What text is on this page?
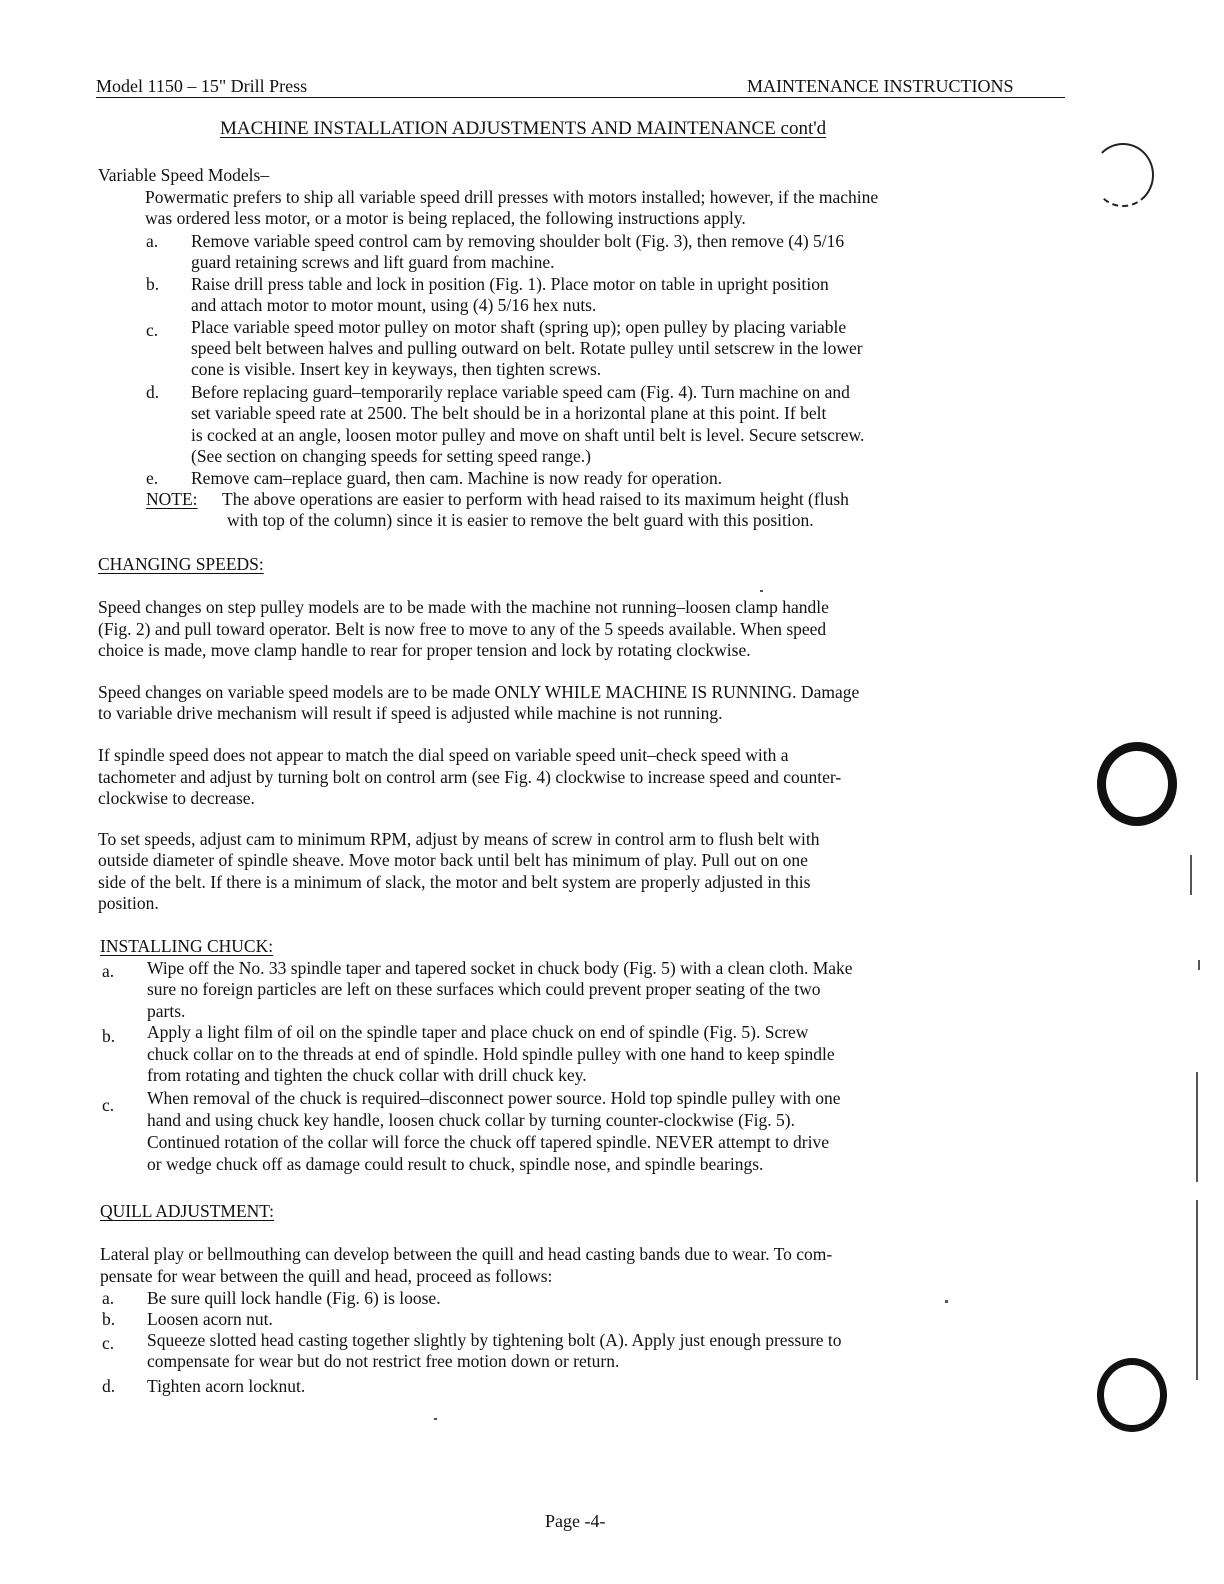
Model 1150 – 15" Drill Press	MAINTENANCE INSTRUCTIONS
MACHINE INSTALLATION ADJUSTMENTS AND MAINTENANCE cont'd
Variable Speed Models–
Powermatic prefers to ship all variable speed drill presses with motors installed; however, if the machine
was ordered less motor, or a motor is being replaced, the following instructions apply.
a. Remove variable speed control cam by removing shoulder bolt (Fig. 3), then remove (4) 5/16
guard retaining screws and lift guard from machine.
b. Raise drill press table and lock in position (Fig. 1). Place motor on table in upright position
and attach motor to motor mount, using (4) 5/16 hex nuts.
c. Place variable speed motor pulley on motor shaft (spring up); open pulley by placing variable
speed belt between halves and pulling outward on belt. Rotate pulley until setscrew in the lower
cone is visible. Insert key in keyways, then tighten screws.
d. Before replacing guard–temporarily replace variable speed cam (Fig. 4). Turn machine on and
set variable speed rate at 2500. The belt should be in a horizontal plane at this point. If belt
is cocked at an angle, loosen motor pulley and move on shaft until belt is level. Secure setscrew.
(See section on changing speeds for setting speed range.)
e. Remove cam–replace guard, then cam. Machine is now ready for operation.
NOTE: The above operations are easier to perform with head raised to its maximum height (flush
with top of the column) since it is easier to remove the belt guard with this position.
CHANGING SPEEDS:
Speed changes on step pulley models are to be made with the machine not running–loosen clamp handle
(Fig. 2) and pull toward operator. Belt is now free to move to any of the 5 speeds available. When speed
choice is made, move clamp handle to rear for proper tension and lock by rotating clockwise.
Speed changes on variable speed models are to be made ONLY WHILE MACHINE IS RUNNING. Damage
to variable drive mechanism will result if speed is adjusted while machine is not running.
If spindle speed does not appear to match the dial speed on variable speed unit–check speed with a
tachometer and adjust by turning bolt on control arm (see Fig. 4) clockwise to increase speed and counter-
clockwise to decrease.
To set speeds, adjust cam to minimum RPM, adjust by means of screw in control arm to flush belt with
outside diameter of spindle sheave. Move motor back until belt has minimum of play. Pull out on one
side of the belt. If there is a minimum of slack, the motor and belt system are properly adjusted in this
position.
INSTALLING CHUCK:
a. Wipe off the No. 33 spindle taper and tapered socket in chuck body (Fig. 5) with a clean cloth. Make
sure no foreign particles are left on these surfaces which could prevent proper seating of the two
parts.
b. Apply a light film of oil on the spindle taper and place chuck on end of spindle (Fig. 5). Screw
chuck collar on to the threads at end of spindle. Hold spindle pulley with one hand to keep spindle
from rotating and tighten the chuck collar with drill chuck key.
c. When removal of the chuck is required–disconnect power source. Hold top spindle pulley with one
hand and using chuck key handle, loosen chuck collar by turning counter-clockwise (Fig. 5).
Continued rotation of the collar will force the chuck off tapered spindle. NEVER attempt to drive
or wedge chuck off as damage could result to chuck, spindle nose, and spindle bearings.
QUILL ADJUSTMENT:
Lateral play or bellmouthing can develop between the quill and head casting bands due to wear. To com-
pensate for wear between the quill and head, proceed as follows:
a. Be sure quill lock handle (Fig. 6) is loose.
b. Loosen acorn nut.
c. Squeeze slotted head casting together slightly by tightening bolt (A). Apply just enough pressure to
compensate for wear but do not restrict free motion down or return.
d. Tighten acorn locknut.
Page -4-
